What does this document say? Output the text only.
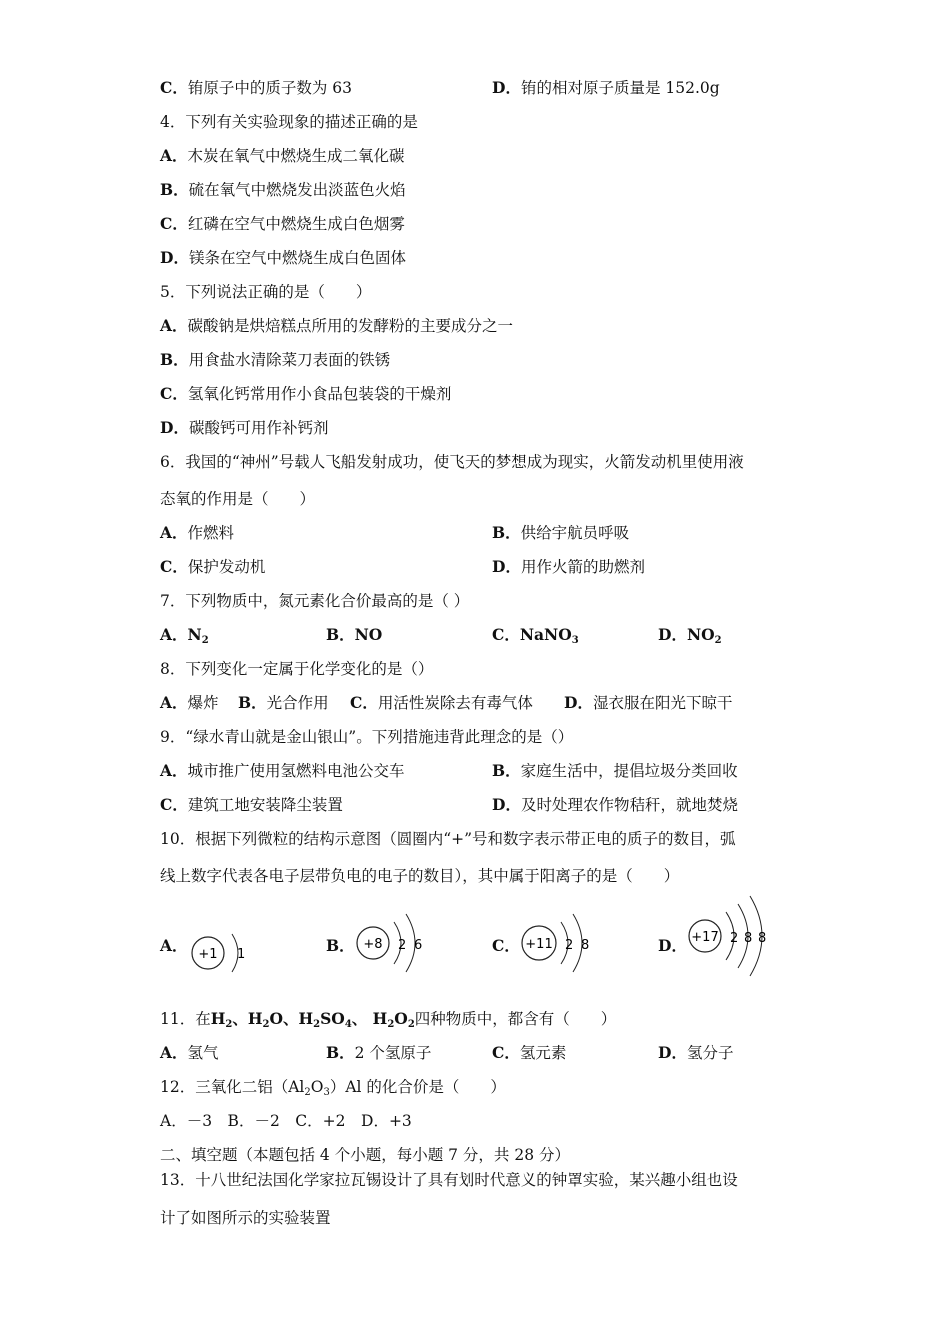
C．铕原子中的质子数为 63	D．铕的相对原子质量是 152.0g
4．下列有关实验现象的描述正确的是
A．木炭在氧气中燃烧生成二氧化碳
B．硫在氧气中燃烧发出淡蓝色火焰
C．红磷在空气中燃烧生成白色烟雾
D．镁条在空气中燃烧生成白色固体
5．下列说法正确的是（　　）
A．碳酸钠是烘焙糕点所用的发酵粉的主要成分之一
B．用食盐水清除菜刀表面的铁锈
C．氢氧化钙常用作小食品包装袋的干燥剂
D．碳酸钙可用作补钙剂
6．我国的“神州”号载人飞船发射成功，使飞天的梦想成为现实，火箭发动机里使用液
态氧的作用是（　　）
A．作燃料	B．供给宇航员呼吸
C．保护发动机	D．用作火箭的助燃剂
7．下列物质中，氮元素化合价最高的是（ ）
A．$N_2$	B．NO	C．NaNO$_3$	D．$NO_2$
8．下列变化一定属于化学变化的是（）
A．爆炸 B．光合作用 C．用活性炭除去有毒气体 D．湿衣服在阳光下晾干
9．“绿水青山就是金山银山”。下列措施违背此理念的是（）
A．城市推广使用氢燃料电池公交车	B．家庭生活中，提倡垃圾分类回收
C．建筑工地安装降尘装置	D．及时处理农作物秸秆，就地焚烧
10．根据下列微粒的结构示意图（圆圈内“+”号和数字表示带正电的质子的数目，弧
线上数字代表各电子层带负电的电子的数目），其中属于阳离子的是（　　）
A． +1 1	B． +8 2 6	C． +11 2 8	D． +17 2 8 8
11．在$H_2$、$H_2O$、$H_2SO_4$、 $H_2O_2$四种物质中，都含有（　　）
A．氢气	B．2 个氢原子	C．氢元素	D．氢分子
12．三氧化二铝$(Al_2O_3)Al$ 的化合价是（　　）
A．－3　B．－2　C．+2　D．+3
二、填空题（本题包括 4 个小题，每小题 7 分，共 28 分）
13．十八世纪法国化学家拉瓦锡设计了具有划时代意义的钟罩实验，某兴趣小组也设
计了如图所示的实验装置
